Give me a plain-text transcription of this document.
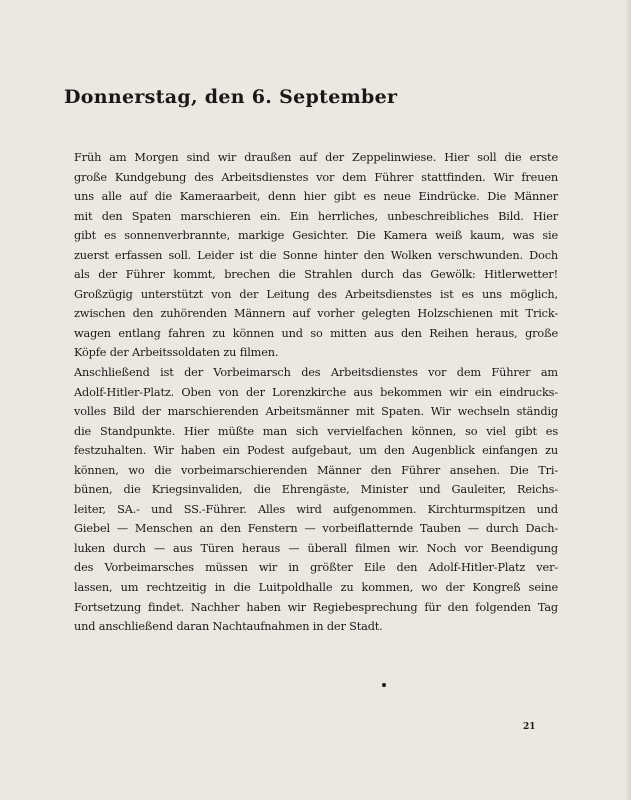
Donnerstag, den 6. September
Früh am Morgen sind wir draußen auf der Zeppelinwiese. Hier soll die erste
große Kundgebung des Arbeitsdienstes vor dem Führer stattfinden. Wir freuen
uns alle auf die Kameraarbeit, denn hier gibt es neue Eindrücke. Die Männer
mit den Spaten marschieren ein. Ein herrliches, unbeschreibliches Bild. Hier
gibt es sonnenverbrannte, markige Gesichter. Die Kamera weiß kaum, was sie
zuerst erfassen soll. Leider ist die Sonne hinter den Wolken verschwunden. Doch
als der Führer kommt, brechen die Strahlen durch das Gewölk: Hitlerwetter!
Großzügig unterstützt von der Leitung des Arbeitsdienstes ist es uns möglich,
zwischen den zuhörenden Männern auf vorher gelegten Holzschienen mit Trick-
wagen entlang fahren zu können und so mitten aus den Reihen heraus, große
Köpfe der Arbeitssoldaten zu filmen.
Anschließend ist der Vorbeimarsch des Arbeitsdienstes vor dem Führer am
Adolf-Hitler-Platz. Oben von der Lorenzkirche aus bekommen wir ein eindrucks-
volles Bild der marschierenden Arbeitsmänner mit Spaten. Wir wechseln ständig
die Standpunkte. Hier müßte man sich vervielfachen können, so viel gibt es
festzuhalten. Wir haben ein Podest aufgebaut, um den Augenblick einfangen zu
können, wo die vorbeimarschierenden Männer den Führer ansehen. Die Tri-
bünen, die Kriegsinvaliden, die Ehrengäste, Minister und Gauleiter, Reichs-
leiter, SA.- und SS.-Führer. Alles wird aufgenommen. Kirchturmspitzen und
Giebel — Menschen an den Fenstern — vorbeiflatternde Tauben — durch Dach-
luken durch — aus Türen heraus — überall filmen wir. Noch vor Beendigung
des Vorbeimarsches müssen wir in größter Eile den Adolf-Hitler-Platz ver-
lassen, um rechtzeitig in die Luitpoldhalle zu kommen, wo der Kongreß seine
Fortsetzung findet. Nachher haben wir Regiebesprechung für den folgenden Tag
und anschließend daran Nachtaufnahmen in der Stadt.
21
